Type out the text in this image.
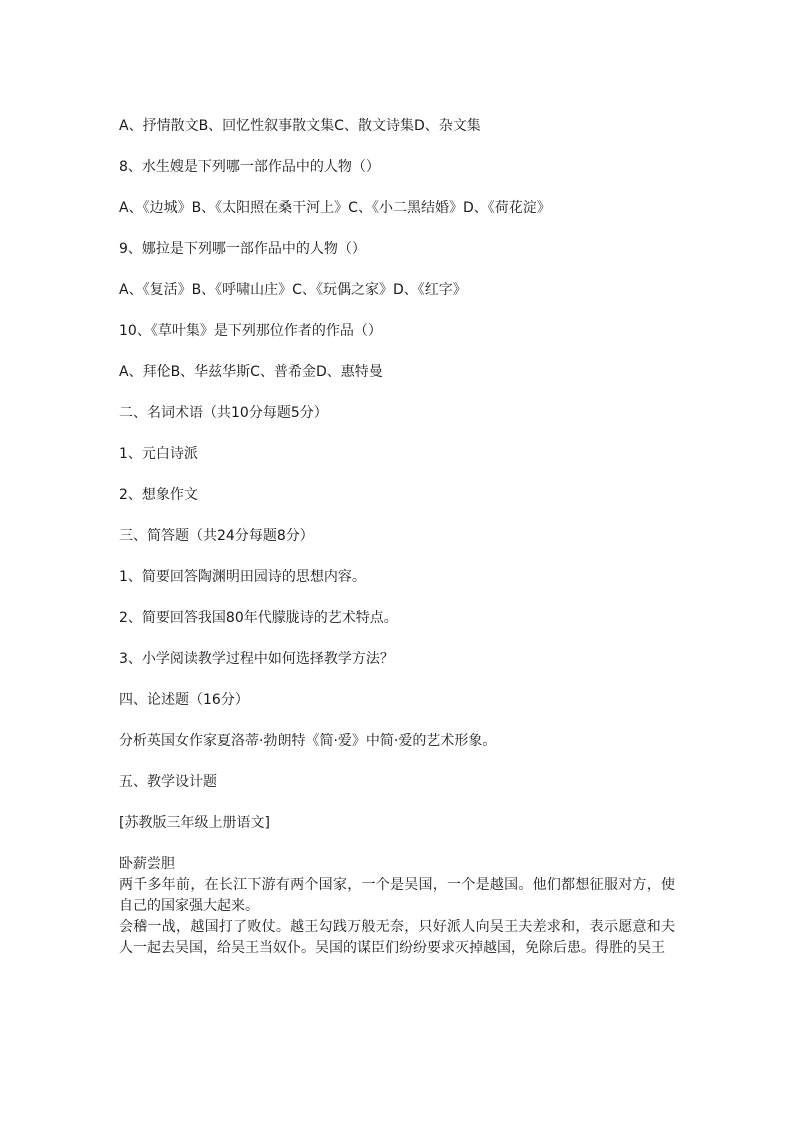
A、抒情散文B、回忆性叙事散文集C、散文诗集D、杂文集

8、水生嫂是下列哪一部作品中的人物（）

A、《边城》B、《太阳照在桑干河上》C、《小二黑结婚》D、《荷花淀》

9、娜拉是下列哪一部作品中的人物（）

A、《复活》B、《呼啸山庄》C、《玩偶之家》D、《红字》

10、《草叶集》是下列那位作者的作品（）

A、拜伦B、华兹华斯C、普希金D、惠特曼

二、名词术语（共10分每题5分）

1、元白诗派

2、想象作文

三、简答题（共24分每题8分）

1、简要回答陶渊明田园诗的思想内容。

2、简要回答我国80年代朦胧诗的艺术特点。

3、小学阅读教学过程中如何选择教学方法？

四、论述题（16分）

分析英国女作家夏洛蒂·勃朗特《简·爱》中简·爱的艺术形象。

五、教学设计题

[苏教版三年级上册语文]

卧薪尝胆

两千多年前，在长江下游有两个国家，一个是吴国，一个是越国。他们都想征服对方，使自己的国家强大起来。

会稽一战，越国打了败仗。越王勾践万般无奈，只好派人向吴王夫差求和，表示愿意和夫人一起去吴国，给吴王当奴仆。吴国的谋臣们纷纷要求灭掉越国，免除后患。得胜的吴王
